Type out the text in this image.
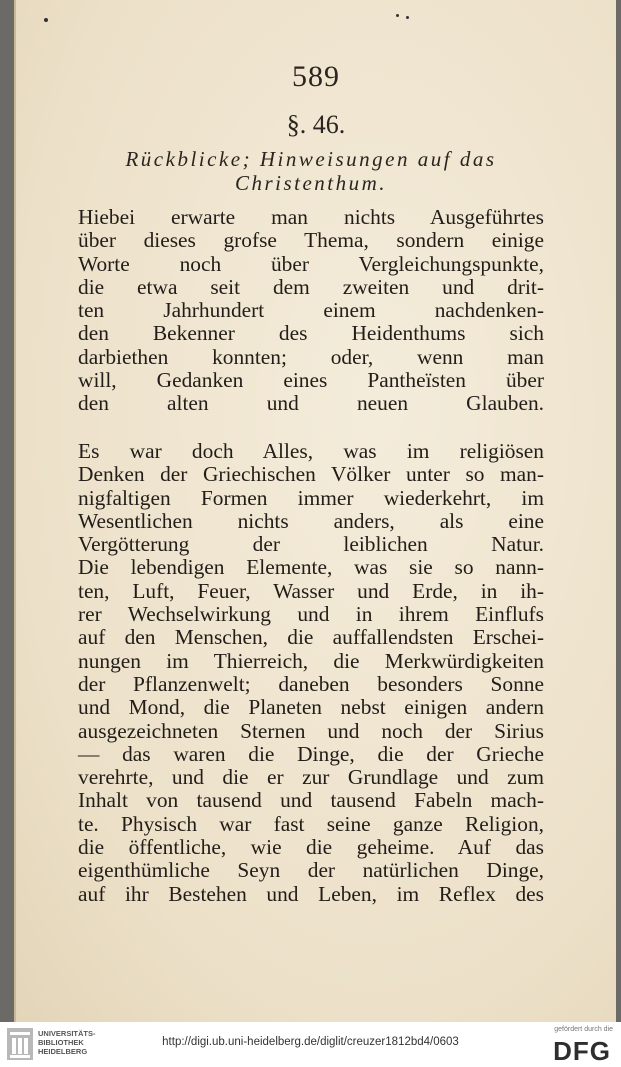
589
§. 46.
Rückblicke; Hinweisungen auf das
Christenthum.
Hiebei erwarte man nichts Ausgeführtes
über dieses grofse Thema, sondern einige
Worte noch über Vergleichungspunkte,
die etwa seit dem zweiten und drit-
ten Jahrhundert einem nachdenken-
den Bekenner des Heidenthums sich
darbiethen konnten; oder, wenn man
will, Gedanken eines Pantheïsten über
den alten und neuen Glauben.
Es war doch Alles, was im religiösen
Denken der Griechischen Völker unter so man-
nigfaltigen Formen immer wiederkehrt, im
Wesentlichen nichts anders, als eine
Vergötterung der leiblichen Natur.
Die lebendigen Elemente, was sie so nann-
ten, Luft, Feuer, Wasser und Erde, in ih-
rer Wechselwirkung und in ihrem Einflufs
auf den Menschen, die auffallendsten Erschei-
nungen im Thierreich, die Merkwürdigkeiten
der Pflanzenwelt; daneben besonders Sonne
und Mond, die Planeten nebst einigen andern
ausgezeichneten Sternen und noch der Sirius
— das waren die Dinge, die der Grieche
verehrte, und die er zur Grundlage und zum
Inhalt von tausend und tausend Fabeln mach-
te. Physisch war fast seine ganze Religion,
die öffentliche, wie die geheime. Auf das
eigenthümliche Seyn der natürlichen Dinge,
auf ihr Bestehen und Leben, im Reflex des
UNIVERSITÄTS-
BIBLIOTHEK
HEIDELBERG
http://digi.ub.uni-heidelberg.de/diglit/creuzer1812bd4/0603
gefördert durch die
DFG
